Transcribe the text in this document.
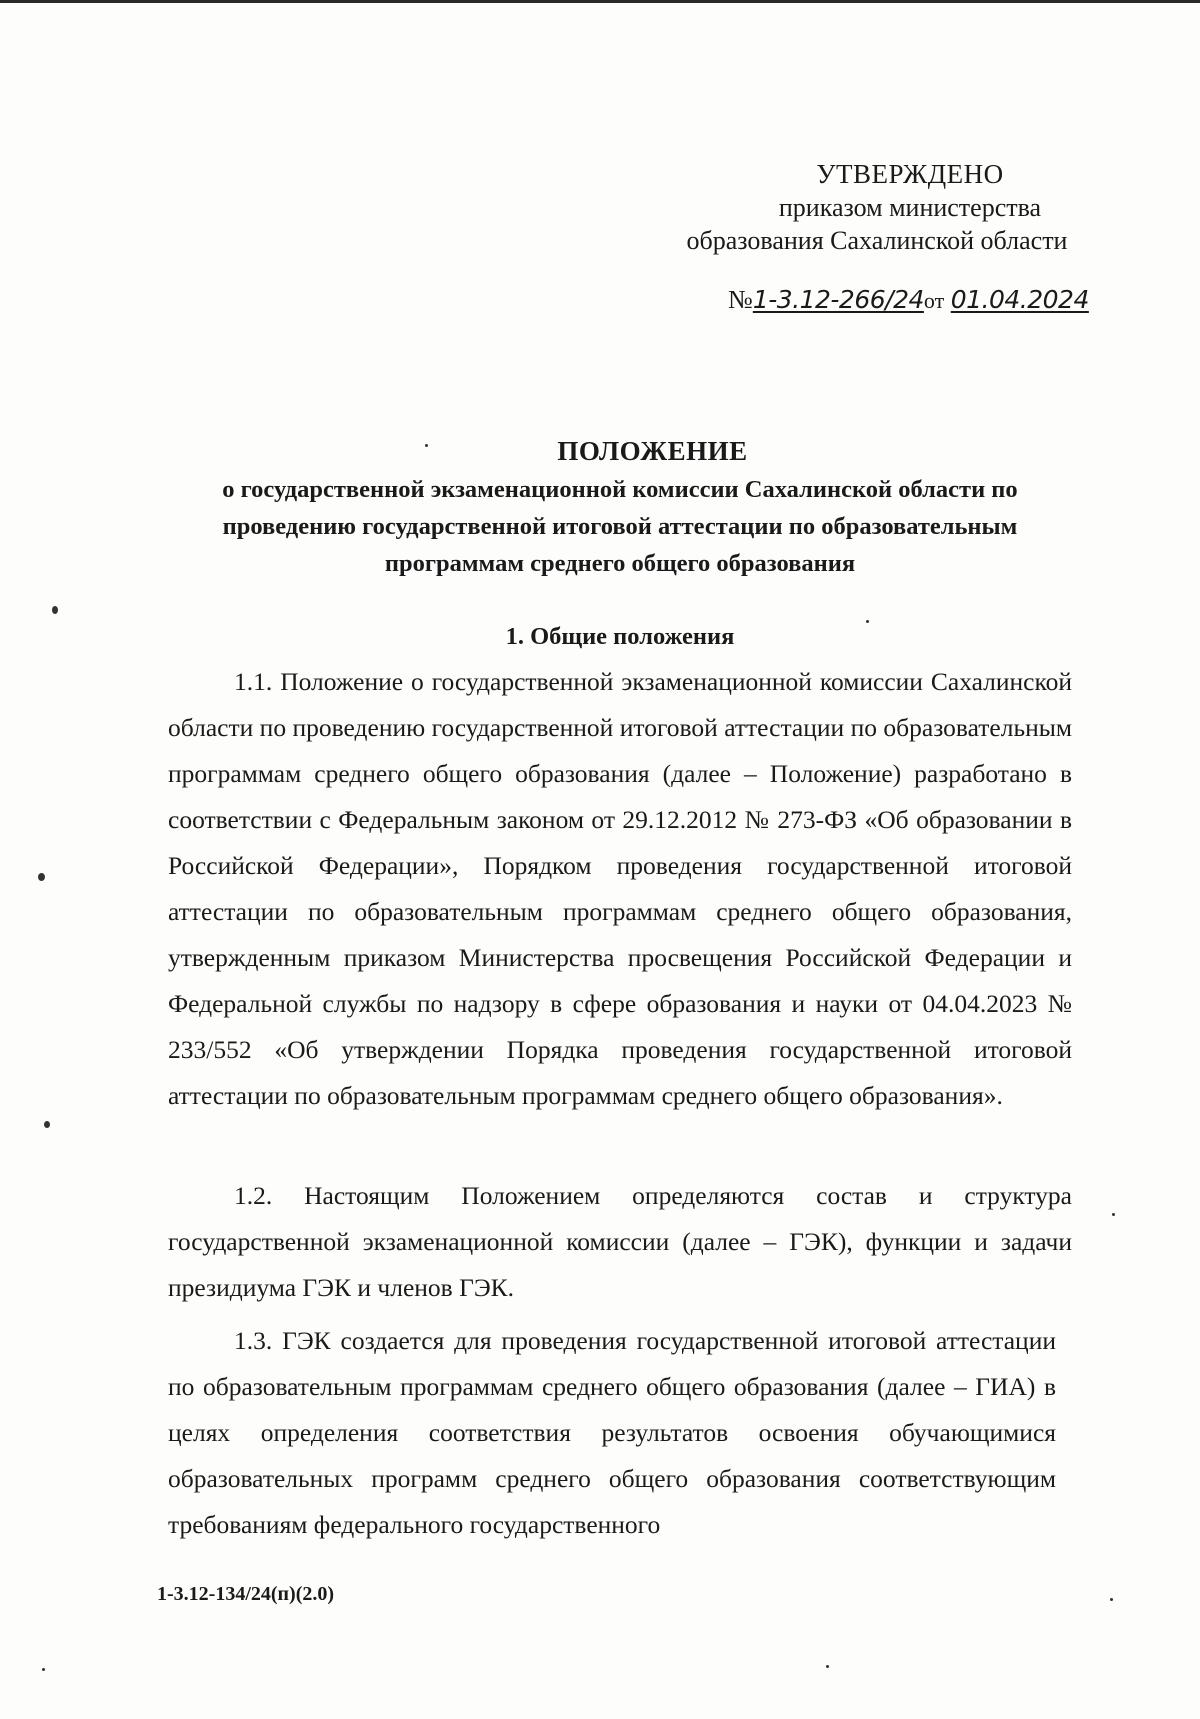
УТВЕРЖДЕНО
приказом министерства
образования Сахалинской области
№1-3.12-266/24от 01.04.2024
ПОЛОЖЕНИЕ
о государственной экзаменационной комиссии Сахалинской области по проведению государственной итоговой аттестации по образовательным программам среднего общего образования
1. Общие положения
1.1. Положение о государственной экзаменационной комиссии Сахалинской области по проведению государственной итоговой аттестации по образовательным программам среднего общего образования (далее – Положение) разработано в соответствии с Федеральным законом от 29.12.2012 № 273-ФЗ «Об образовании в Российской Федерации», Порядком проведения государственной итоговой аттестации по образовательным программам среднего общего образования, утвержденным приказом Министерства просвещения Российской Федерации и Федеральной службы по надзору в сфере образования и науки от 04.04.2023 № 233/552 «Об утверждении Порядка проведения государственной итоговой аттестации по образовательным программам среднего общего образования».
1.2. Настоящим Положением определяются состав и структура государственной экзаменационной комиссии (далее – ГЭК), функции и задачи президиума ГЭК и членов ГЭК.
1.3. ГЭК создается для проведения государственной итоговой аттестации по образовательным программам среднего общего образования (далее – ГИА) в целях определения соответствия результатов освоения обучающимися образовательных программ среднего общего образования соответствующим требованиям федерального государственного
1-3.12-134/24(п)(2.0)
